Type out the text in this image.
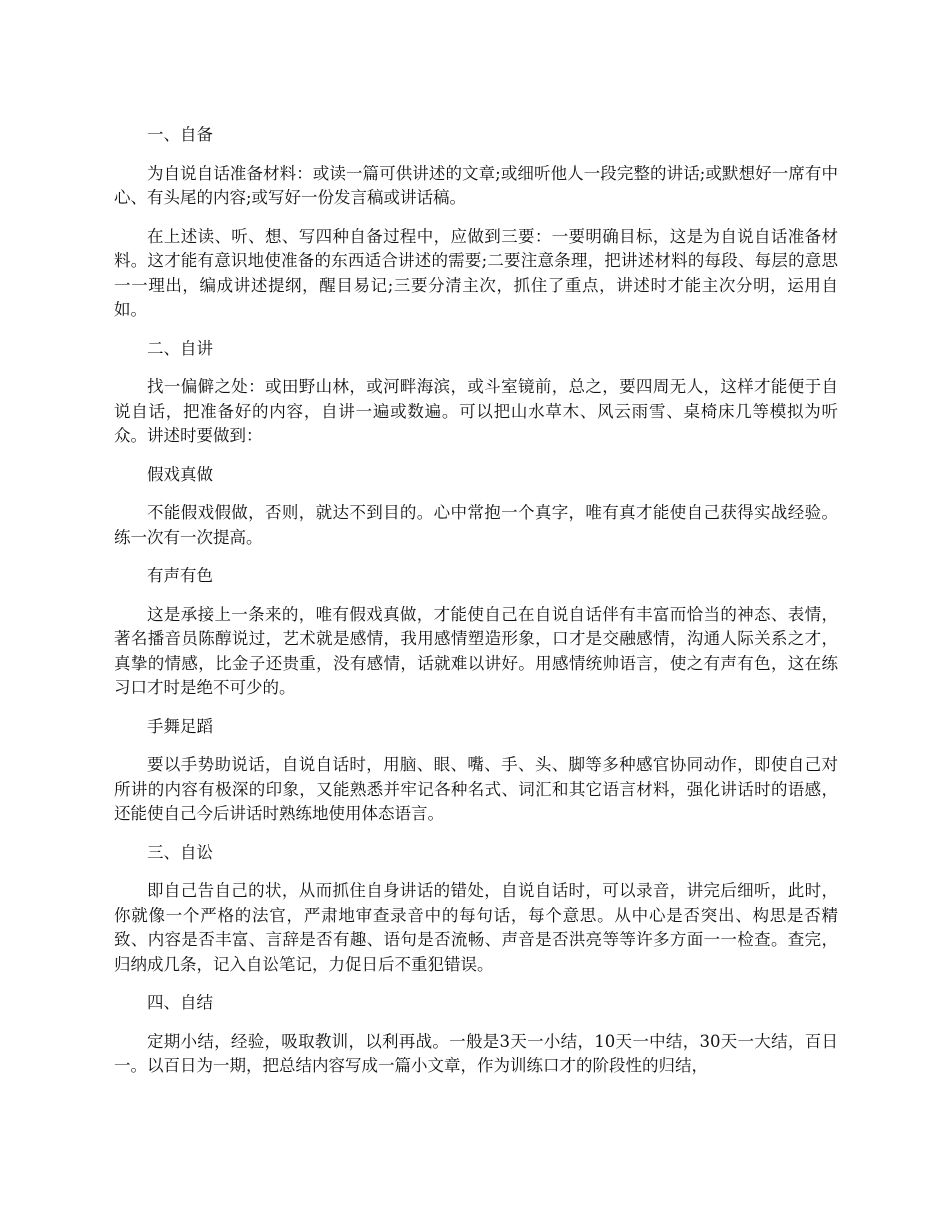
一、自备

为自说自话准备材料：或读一篇可供讲述的文章;或细听他人一段完整的讲话;或默想好一席有中心、有头尾的内容;或写好一份发言稿或讲话稿。

在上述读、听、想、写四种自备过程中，应做到三要：一要明确目标，这是为自说自话准备材料。这才能有意识地使准备的东西适合讲述的需要;二要注意条理，把讲述材料的每段、每层的意思一一理出，编成讲述提纲，醒目易记;三要分清主次，抓住了重点，讲述时才能主次分明，运用自如。

二、自讲

找一偏僻之处：或田野山林，或河畔海滨，或斗室镜前，总之，要四周无人，这样才能便于自说自话，把准备好的内容，自讲一遍或数遍。可以把山水草木、风云雨雪、桌椅床几等模拟为听众。讲述时要做到：

假戏真做

不能假戏假做，否则，就达不到目的。心中常抱一个真字，唯有真才能使自己获得实战经验。练一次有一次提高。

有声有色

这是承接上一条来的，唯有假戏真做，才能使自己在自说自话伴有丰富而恰当的神态、表情，著名播音员陈醇说过，艺术就是感情，我用感情塑造形象，口才是交融感情，沟通人际关系之才，真挚的情感，比金子还贵重，没有感情，话就难以讲好。用感情统帅语言，使之有声有色，这在练习口才时是绝不可少的。

手舞足蹈

要以手势助说话，自说自话时，用脑、眼、嘴、手、头、脚等多种感官协同动作，即使自己对所讲的内容有极深的印象，又能熟悉并牢记各种名式、词汇和其它语言材料，强化讲话时的语感，还能使自己今后讲话时熟练地使用体态语言。

三、自讼

即自己告自己的状，从而抓住自身讲话的错处，自说自话时，可以录音，讲完后细听，此时，你就像一个严格的法官，严肃地审查录音中的每句话，每个意思。从中心是否突出、构思是否精致、内容是否丰富、言辞是否有趣、语句是否流畅、声音是否洪亮等等许多方面一一检查。查完，归纳成几条，记入自讼笔记，力促日后不重犯错误。

四、自结

定期小结，经验，吸取教训，以利再战。一般是3天一小结，10天一中结，30天一大结，百日一。以百日为一期，把总结内容写成一篇小文章，作为训练口才的阶段性的归结，
